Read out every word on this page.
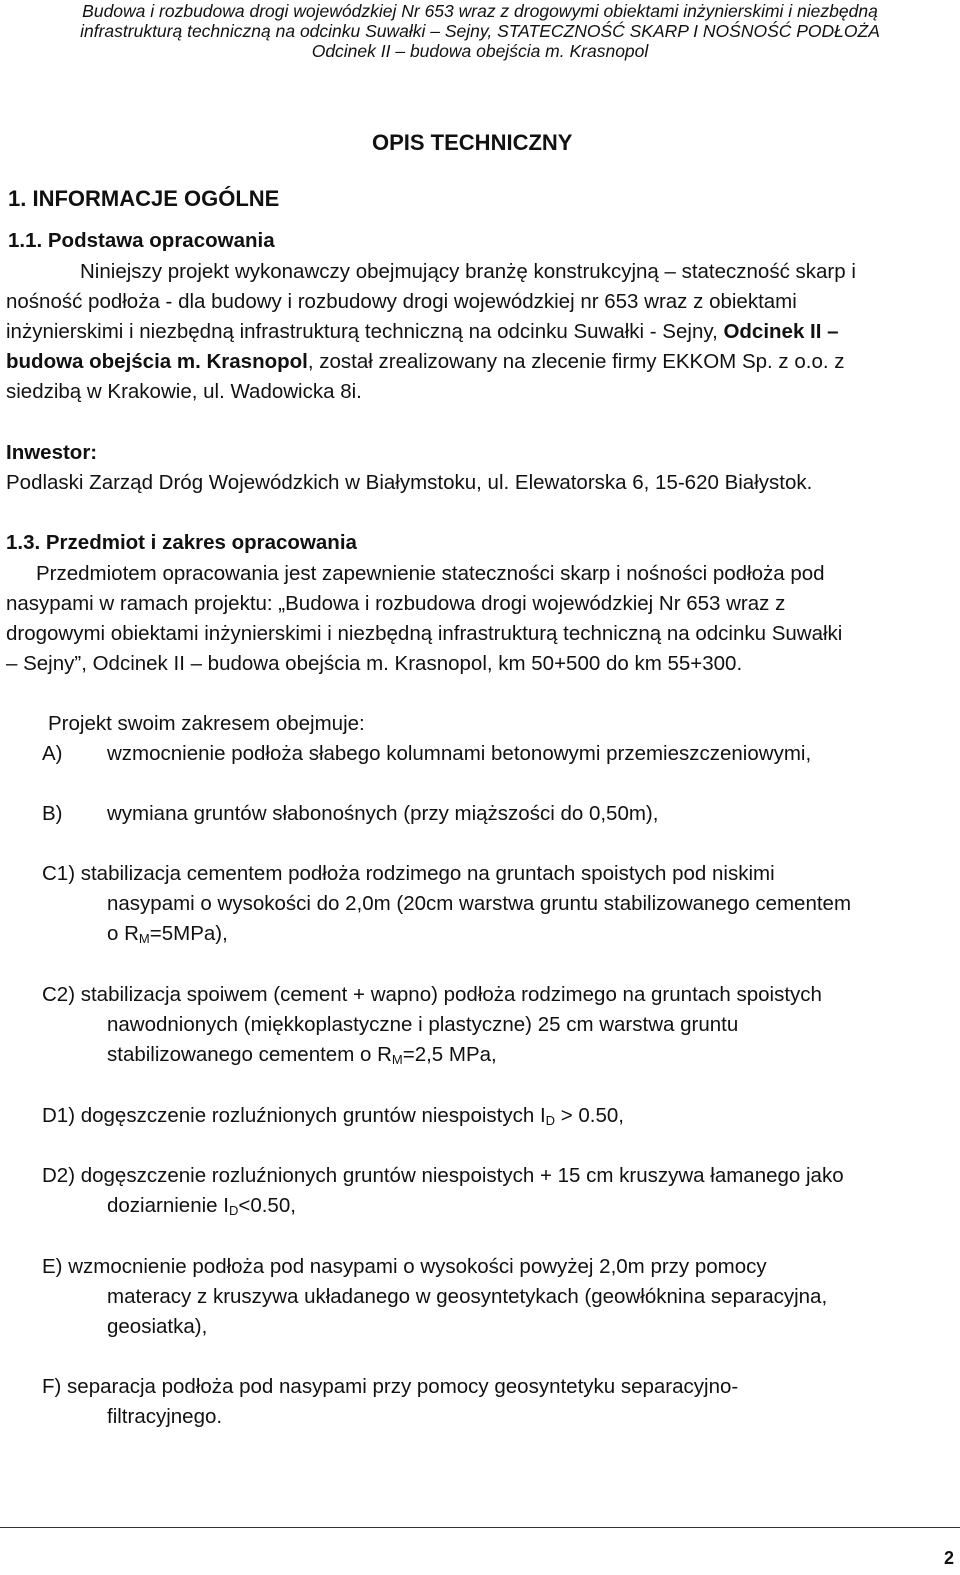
Budowa i rozbudowa drogi wojewódzkiej Nr 653 wraz z drogowymi obiektami inżynierskimi i niezbędną
infrastrukturą techniczną na odcinku Suwałki – Sejny, STATECZNOŚĆ SKARP I NOŚNOŚĆ PODŁOŻA
Odcinek II – budowa obejścia m. Krasnopol
OPIS TECHNICZNY
1. INFORMACJE OGÓLNE
1.1. Podstawa opracowania
Niniejszy projekt wykonawczy obejmujący branżę konstrukcyjną – stateczność skarp i
nośność podłoża - dla budowy i rozbudowy drogi wojewódzkiej nr 653 wraz z obiektami
inżynierskimi i niezbędną infrastrukturą techniczną na odcinku Suwałki - Sejny, Odcinek II –
budowa obejścia m. Krasnopol, został zrealizowany na zlecenie firmy EKKOM Sp. z o.o. z
siedzibą w Krakowie, ul. Wadowicka 8i.
Inwestor:
Podlaski Zarząd Dróg Wojewódzkich w Białymstoku, ul. Elewatorska 6, 15-620 Białystok.
1.3. Przedmiot i zakres opracowania
Przedmiotem opracowania jest zapewnienie stateczności skarp i nośności podłoża pod
nasypami w ramach projektu: „Budowa i rozbudowa drogi wojewódzkiej Nr 653 wraz z
drogowymi obiektami inżynierskimi i niezbędną infrastrukturą techniczną na odcinku Suwałki
– Sejny”, Odcinek II – budowa obejścia m. Krasnopol, km 50+500 do km 55+300.
Projekt swoim zakresem obejmuje:
A) wzmocnienie podłoża słabego kolumnami betonowymi przemieszczeniowymi,
B) wymiana gruntów słabonośnych (przy miąższości do 0,50m),
C1) stabilizacja cementem podłoża rodzimego na gruntach spoistych pod niskimi
nasypami o wysokości do 2,0m (20cm warstwa gruntu stabilizowanego cementem
o $R_M=5MPa$),
C2) stabilizacja spoiwem (cement + wapno) podłoża rodzimego na gruntach spoistych
nawodnionych (miękkoplastyczne i plastyczne) 25 cm warstwa gruntu
stabilizowanego cementem o $R_M=2,5$ MPa,
D1) dogęszczenie rozluźnionych gruntów niespoistych $I_D > 0.50$,
D2) dogęszczenie rozluźnionych gruntów niespoistych + 15 cm kruszywa łamanego jako
doziarnienie $I_D<0.50$,
E) wzmocnienie podłoża pod nasypami o wysokości powyżej 2,0m przy pomocy
materacy z kruszywa układanego w geosyntetykach (geowłóknina separacyjna,
geosiatka),
F) separacja podłoża pod nasypami przy pomocy geosyntetyku separacyjno-
filtracyjnego.
2
